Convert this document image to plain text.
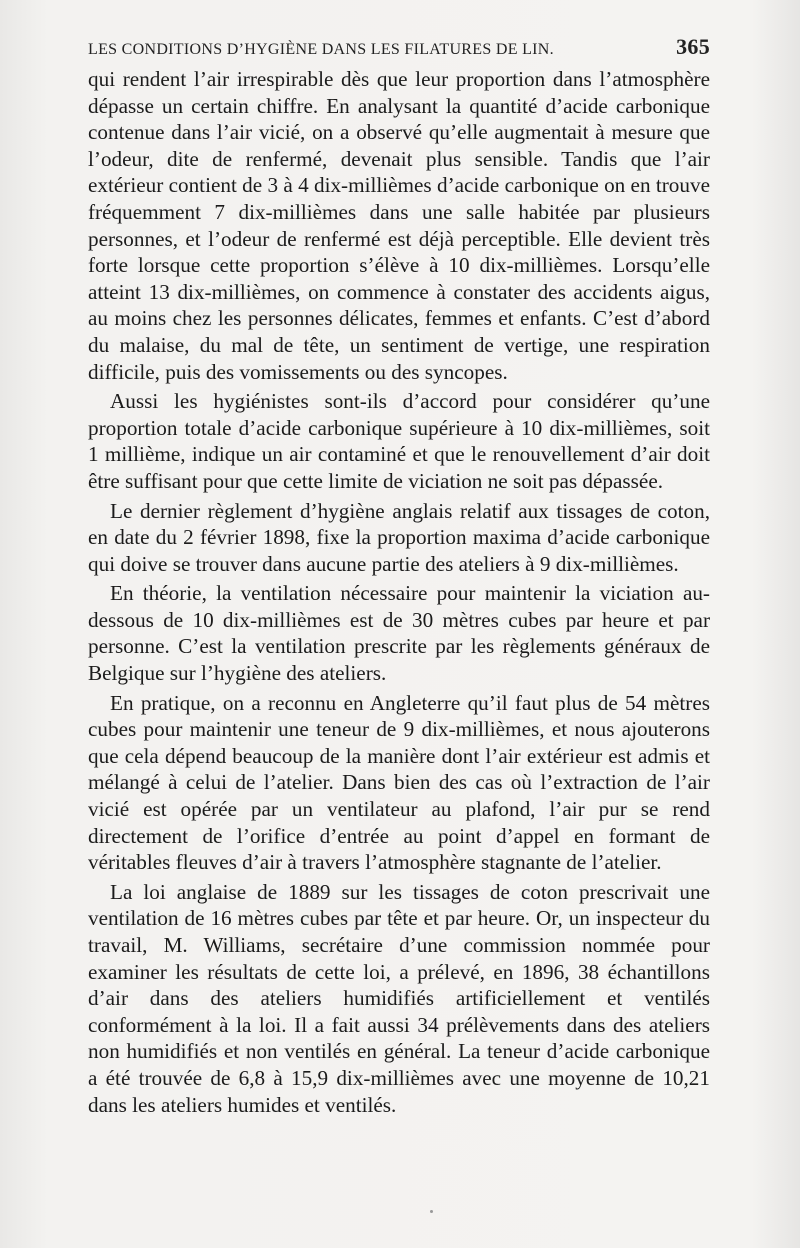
LES CONDITIONS D’HYGIÈNE DANS LES FILATURES DE LIN.	365

qui rendent l’air irrespirable dès que leur proportion dans l’atmosphère dépasse un certain chiffre. En analysant la quantité d’acide carbonique contenue dans l’air vicié, on a observé qu’elle augmentait à mesure que l’odeur, dite de renfermé, devenait plus sensible. Tandis que l’air extérieur contient de 3 à 4 dix-millièmes d’acide carbonique on en trouve fréquemment 7 dix-millièmes dans une salle habitée par plusieurs personnes, et l’odeur de renfermé est déjà perceptible. Elle devient très forte lorsque cette proportion s’élève à 10 dix-millièmes. Lorsqu’elle atteint 13 dix-millièmes, on commence à constater des accidents aigus, au moins chez les personnes délicates, femmes et enfants. C’est d’abord du malaise, du mal de tête, un sentiment de vertige, une respiration difficile, puis des vomissements ou des syncopes.

Aussi les hygiénistes sont-ils d’accord pour considérer qu’une proportion totale d’acide carbonique supérieure à 10 dix-millièmes, soit 1 millième, indique un air contaminé et que le renouvellement d’air doit être suffisant pour que cette limite de viciation ne soit pas dépassée.

Le dernier règlement d’hygiène anglais relatif aux tissages de coton, en date du 2 février 1898, fixe la proportion maxima d’acide carbonique qui doive se trouver dans aucune partie des ateliers à 9 dix-millièmes.

En théorie, la ventilation nécessaire pour maintenir la viciation au-dessous de 10 dix-millièmes est de 30 mètres cubes par heure et par personne. C’est la ventilation prescrite par les règlements généraux de Belgique sur l’hygiène des ateliers.

En pratique, on a reconnu en Angleterre qu’il faut plus de 54 mètres cubes pour maintenir une teneur de 9 dix-millièmes, et nous ajouterons que cela dépend beaucoup de la manière dont l’air extérieur est admis et mélangé à celui de l’atelier. Dans bien des cas où l’extraction de l’air vicié est opérée par un ventilateur au plafond, l’air pur se rend directement de l’orifice d’entrée au point d’appel en formant de véritables fleuves d’air à travers l’atmosphère stagnante de l’atelier.

La loi anglaise de 1889 sur les tissages de coton prescrivait une ventilation de 16 mètres cubes par tête et par heure. Or, un inspecteur du travail, M. Williams, secrétaire d’une commission nommée pour examiner les résultats de cette loi, a prélevé, en 1896, 38 échantillons d’air dans des ateliers humidifiés artificiellement et ventilés conformément à la loi. Il a fait aussi 34 prélèvements dans des ateliers non humidifiés et non ventilés en général. La teneur d’acide carbonique a été trouvée de 6,8 à 15,9 dix-millièmes avec une moyenne de 10,21 dans les ateliers humides et ventilés.
